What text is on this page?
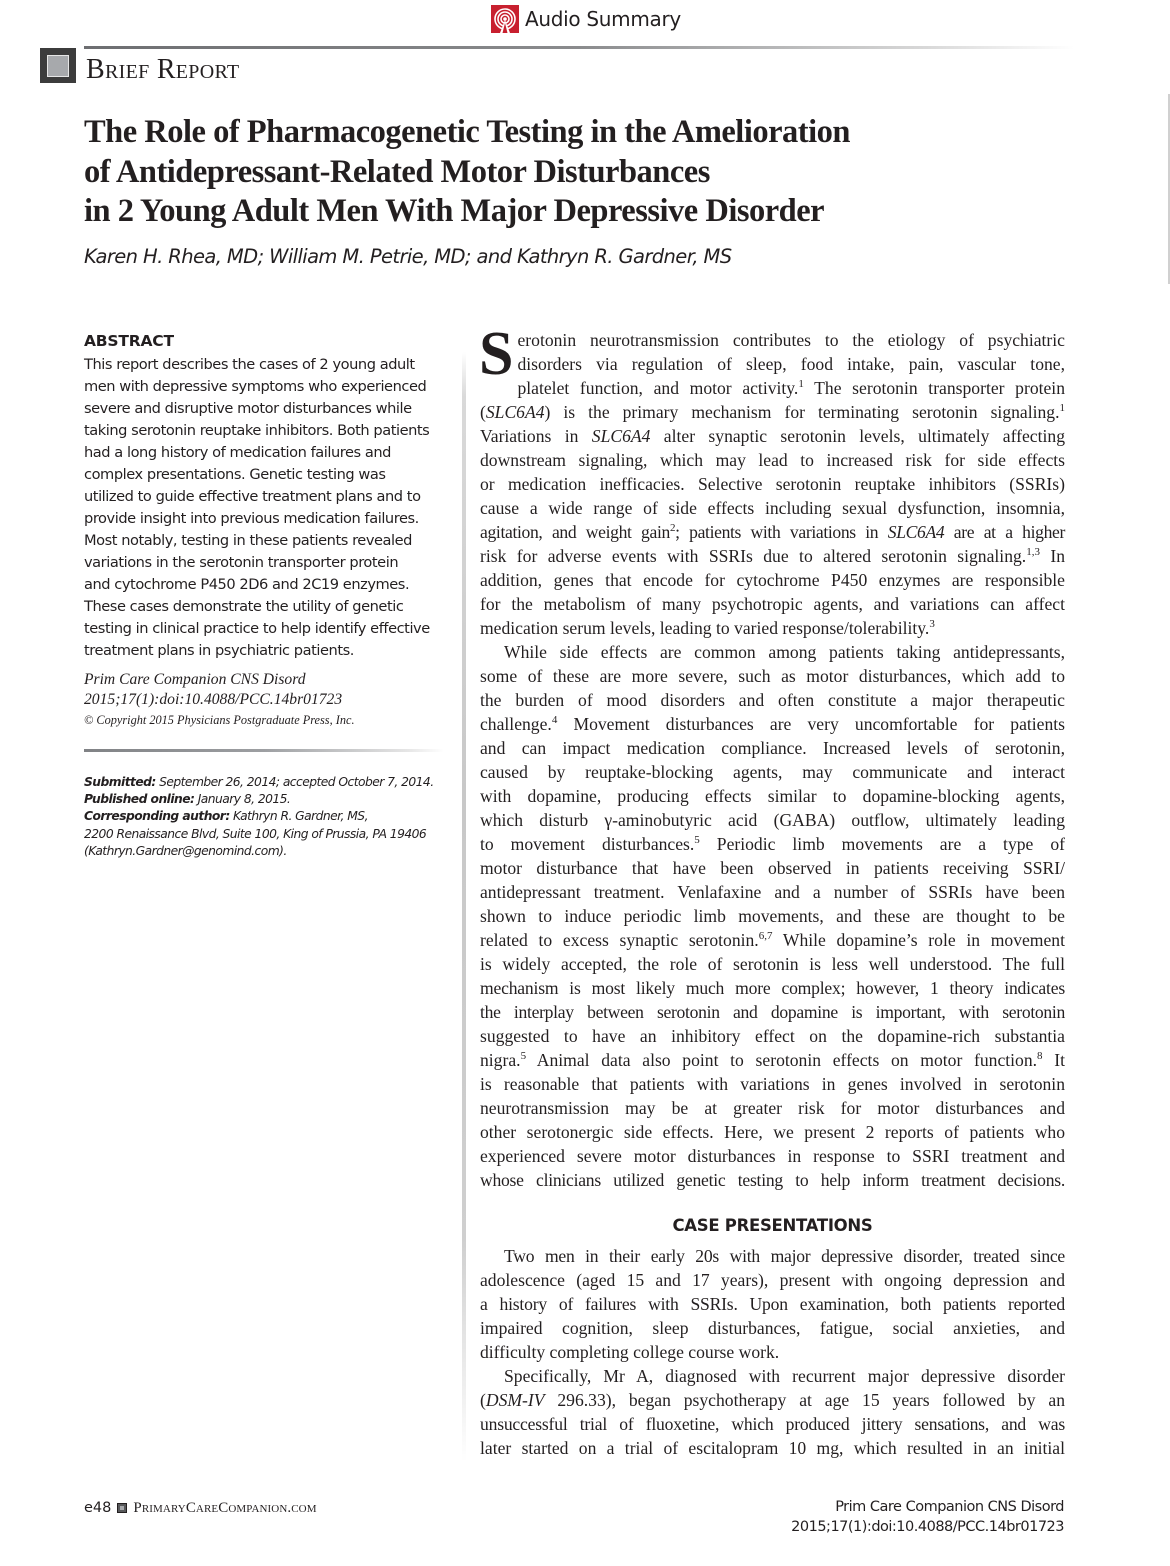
Audio Summary
Brief Report
The Role of Pharmacogenetic Testing in the Amelioration
of Antidepressant-Related Motor Disturbances
in 2 Young Adult Men With Major Depressive Disorder
Karen H. Rhea, MD; William M. Petrie, MD; and Kathryn R. Gardner, MS
ABSTRACT

This report describes the cases of 2 young adult
men with depressive symptoms who experienced
severe and disruptive motor disturbances while
taking serotonin reuptake inhibitors. Both patients
had a long history of medication failures and
complex presentations. Genetic testing was
utilized to guide effective treatment plans and to
provide insight into previous medication failures.
Most notably, testing in these patients revealed
variations in the serotonin transporter protein
and cytochrome P450 2D6 and 2C19 enzymes.
These cases demonstrate the utility of genetic
testing in clinical practice to help identify effective
treatment plans in psychiatric patients.

Prim Care Companion CNS Disord
2015;17(1):doi:10.4088/PCC.14br01723

© Copyright 2015 Physicians Postgraduate Press, Inc.
Submitted: September 26, 2014; accepted October 7, 2014.
Published online: January 8, 2015.
Corresponding author: Kathryn R. Gardner, MS,
2200 Renaissance Blvd, Suite 100, King of Prussia, PA 19406
(Kathryn.Gardner@genomind.com).

S erotonin neurotransmission contributes to the etiology of psychiatric
disorders via regulation of sleep, food intake, pain, vascular tone,
platelet function, and motor activity.$^1$ The serotonin transporter protein
(SLC6A4) is the primary mechanism for terminating serotonin signaling.$^1$
Variations in SLC6A4 alter synaptic serotonin levels, ultimately affecting
downstream signaling, which may lead to increased risk for side effects
or medication inefficacies. Selective serotonin reuptake inhibitors (SSRIs)
cause a wide range of side effects including sexual dysfunction, insomnia,
agitation, and weight gain$^2$; patients with variations in SLC6A4 are at a higher
risk for adverse events with SSRIs due to altered serotonin signaling.$^{1,3}$ In
addition, genes that encode for cytochrome P450 enzymes are responsible
for the metabolism of many psychotropic agents, and variations can affect
medication serum levels, leading to varied response/tolerability.$^3$

While side effects are common among patients taking antidepressants,
some of these are more severe, such as motor disturbances, which add to
the burden of mood disorders and often constitute a major therapeutic
challenge.$^4$ Movement disturbances are very uncomfortable for patients
and can impact medication compliance. Increased levels of serotonin,
caused by reuptake-blocking agents, may communicate and interact
with dopamine, producing effects similar to dopamine-blocking agents,
which disturb γ-aminobutyric acid (GABA) outflow, ultimately leading
to movement disturbances.$^5$ Periodic limb movements are a type of
motor disturbance that have been observed in patients receiving SSRI/
antidepressant treatment. Venlafaxine and a number of SSRIs have been
shown to induce periodic limb movements, and these are thought to be
related to excess synaptic serotonin.$^{6,7}$ While dopamine’s role in movement
is widely accepted, the role of serotonin is less well understood. The full
mechanism is most likely much more complex; however, 1 theory indicates
the interplay between serotonin and dopamine is important, with serotonin
suggested to have an inhibitory effect on the dopamine-rich substantia
nigra.$^5$ Animal data also point to serotonin effects on motor function.$^8$ It
is reasonable that patients with variations in genes involved in serotonin
neurotransmission may be at greater risk for motor disturbances and
other serotonergic side effects. Here, we present 2 reports of patients who
experienced severe motor disturbances in response to SSRI treatment and
whose clinicians utilized genetic testing to help inform treatment decisions.

CASE PRESENTATIONS

Two men in their early 20s with major depressive disorder, treated since
adolescence (aged 15 and 17 years), present with ongoing depression and
a history of failures with SSRIs. Upon examination, both patients reported
impaired cognition, sleep disturbances, fatigue, social anxieties, and
difficulty completing college course work.

Specifically, Mr A, diagnosed with recurrent major depressive disorder
(DSM-IV 296.33), began psychotherapy at age 15 years followed by an
unsuccessful trial of fluoxetine, which produced jittery sensations, and was
later started on a trial of escitalopram 10 mg, which resulted in an initial

e48 PrimaryCareCompanion.com	Prim Care Companion CNS Disord
2015;17(1):doi:10.4088/PCC.14br01723
